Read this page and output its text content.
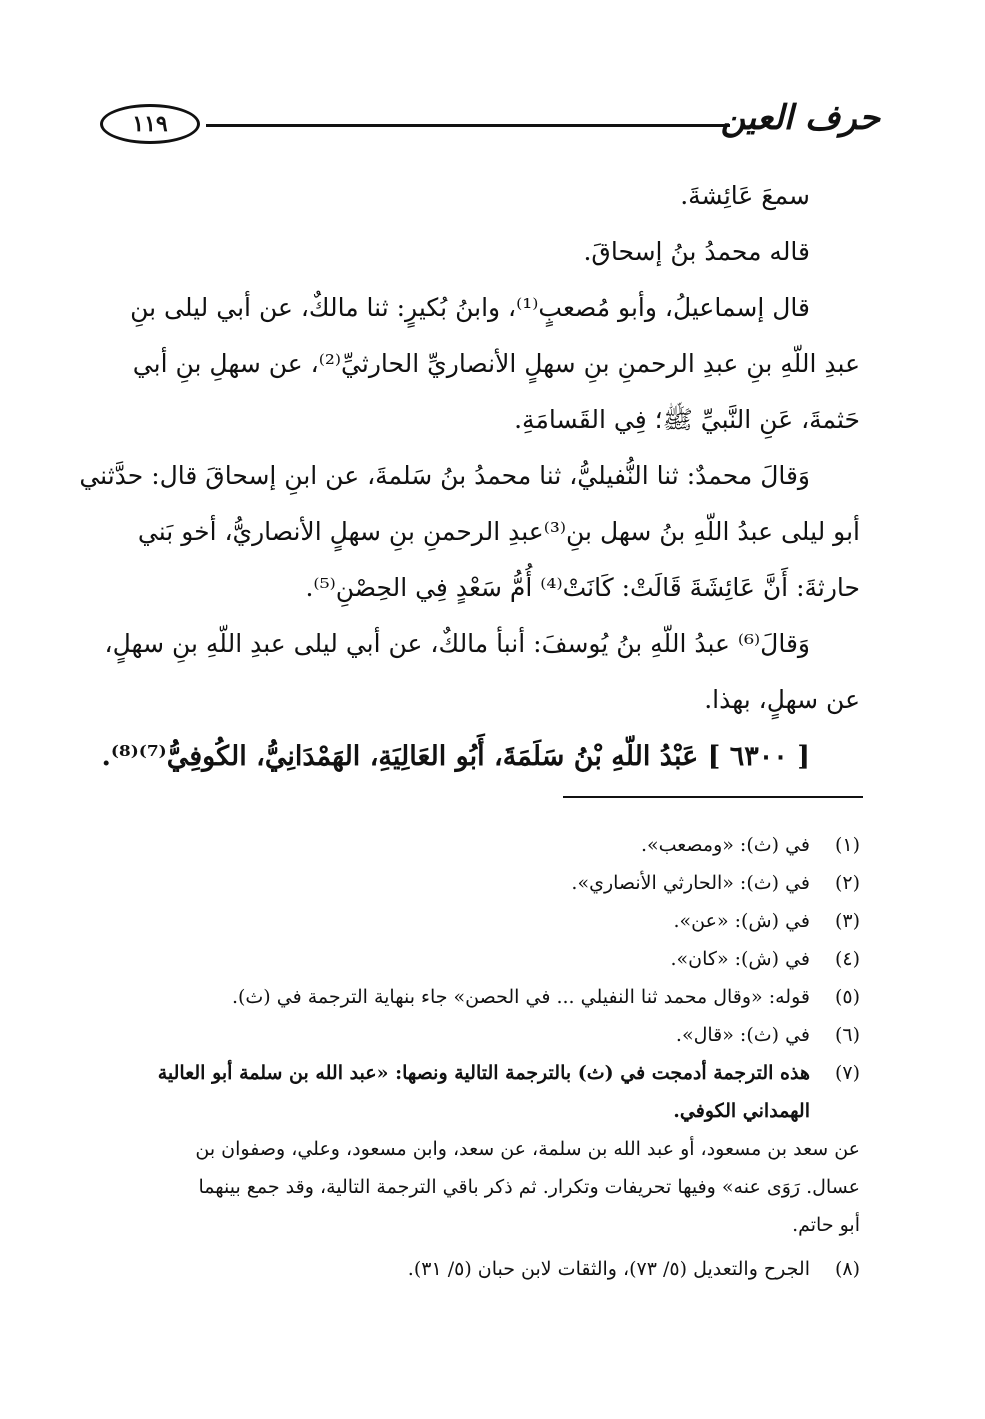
حرف العين
١١٩
سمعَ عَائِشةَ.
قاله محمدُ بنُ إسحاقَ.
قال إسماعيلُ، وأبو مُصعبٍ⁽¹⁾، وابنُ بُكيرٍ: ثنا مالكٌ، عن أبي ليلى بنِ
عبدِ اللّهِ بنِ عبدِ الرحمنِ بنِ سهلٍ الأنصاريِّ الحارثيِّ⁽²⁾، عن سهلِ بنِ أبي
حَثمةَ، عَنِ النَّبيِّ ﷺ؛ فِي القَسامَةِ.
وَقالَ محمدٌ: ثنا النُّفيليُّ، ثنا محمدُ بنُ سَلمةَ، عن ابنِ إسحاقَ قال: حدَّثني
أبو ليلى عبدُ اللّهِ بنُ سهل بنِ⁽³⁾عبدِ الرحمنِ بنِ سهلٍ الأنصاريُّ، أخو بَني
حارثةَ: أَنَّ عَائِشَةَ قَالَتْ: كَانَتْ⁽⁴⁾ أُمُّ سَعْدٍ فِي الحِصْنِ⁽⁵⁾.
وَقالَ⁽⁶⁾ عبدُ اللّهِ بنُ يُوسفَ: أنبأ مالكٌ، عن أبي ليلى عبدِ اللّهِ بنِ سهلٍ،
عن سهلٍ، بهذا.
[ ٦٣٠٠ ] عَبْدُ اللّهِ بْنُ سَلَمَةَ، أَبُو العَالِيَةِ، الهَمْدَانِيُّ، الكُوفِيُّ⁽⁷⁾⁽⁸⁾.
(١)
في (ث): «ومصعب».
(٢)
في (ث): «الحارثي الأنصاري».
(٣)
في (ش): «عن».
(٤)
في (ش): «كان».
(٥)
قوله: «وقال محمد ثنا النفيلي ... في الحصن» جاء بنهاية الترجمة في (ث).
(٦)
في (ث): «قال».
(٧)
هذه الترجمة أدمجت في (ث) بالترجمة التالية ونصها: «عبد الله بن سلمة أبو العالية
الهمداني الكوفي.
عن سعد بن مسعود، أو عبد الله بن سلمة، عن سعد، وابن مسعود، وعلي، وصفوان بن
عسال. رَوَى عنه» وفيها تحريفات وتكرار. ثم ذكر باقي الترجمة التالية، وقد جمع بينهما
أبو حاتم.
(٨)
الجرح والتعديل (٥/ ٧٣)، والثقات لابن حبان (٥/ ٣١).
